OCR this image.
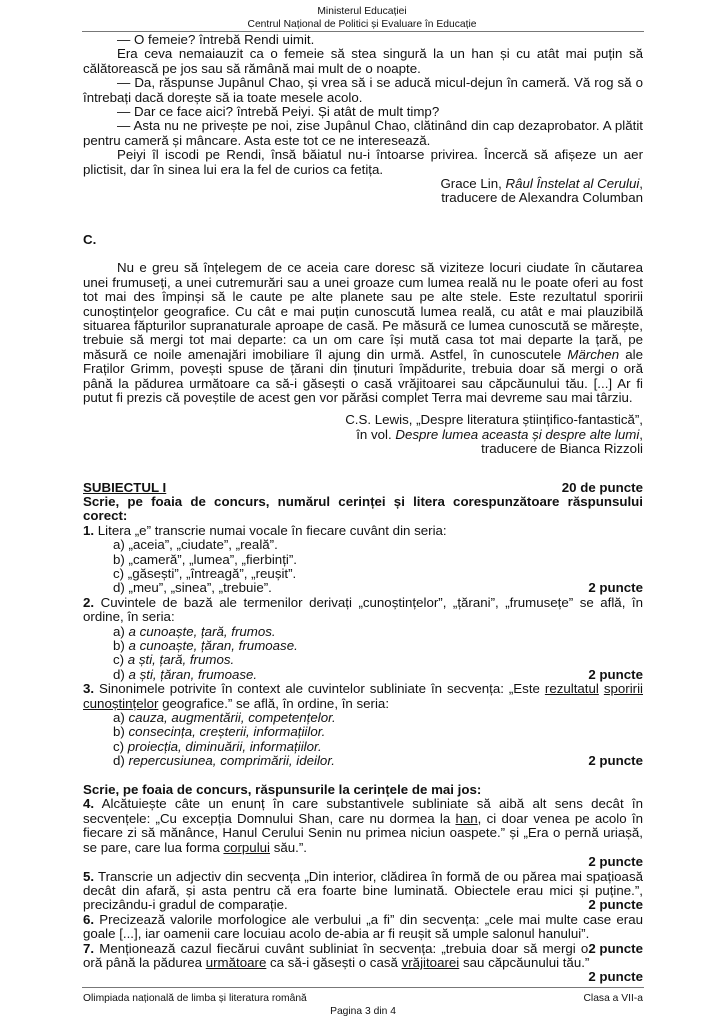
Ministerul Educației
Centrul Național de Politici și Evaluare în Educație

— O femeie? întrebă Rendi uimit.

Era ceva nemaiauzit ca o femeie să stea singură la un han și cu atât mai puțin să călătorească pe jos sau să rămână mai mult de o noapte.

— Da, răspunse Jupânul Chao, și vrea să i se aducă micul-dejun în cameră. Vă rog să o întrebați dacă dorește să ia toate mesele acolo.

— Dar ce face aici? întrebă Peiyi. Și atât de mult timp?

— Asta nu ne privește pe noi, zise Jupânul Chao, clătinând din cap dezaprobator. A plătit pentru cameră și mâncare. Asta este tot ce ne interesează.

Peiyi îl iscodi pe Rendi, însă băiatul nu-i întoarse privirea. Încercă să afișeze un aer plictisit, dar în sinea lui era la fel de curios ca fetița.

Grace Lin, Râul Înstelat al Cerului,

traducere de Alexandra Columban

C.

Nu e greu să înțelegem de ce aceia care doresc să viziteze locuri ciudate în căutarea unei frumuseți, a unei cutremurări sau a unei groaze cum lumea reală nu le poate oferi au fost tot mai des împinși să le caute pe alte planete sau pe alte stele. Este rezultatul sporirii cunoștințelor geografice. Cu cât e mai puțin cunoscută lumea reală, cu atât e mai plauzibilă situarea făpturilor supranaturale aproape de casă. Pe măsură ce lumea cunoscută se mărește, trebuie să mergi tot mai departe: ca un om care își mută casa tot mai departe la țară, pe măsură ce noile amenajări imobiliare îl ajung din urmă. Astfel, în cunoscutele Märchen ale Fraților Grimm, povești spuse de țărani din ținuturi împădurite, trebuia doar să mergi o oră până la pădurea următoare ca să-i găsești o casă vrăjitoarei sau căpcăunului tău. [...] Ar fi putut fi prezis că poveștile de acest gen vor părăsi complet Terra mai devreme sau mai târziu.

C.S. Lewis, „Despre literatura științifico-fantastică”,

în vol. Despre lumea aceasta și despre alte lumi,

traducere de Bianca Rizzoli

SUBIECTUL I	20 de puncte

Scrie, pe foaia de concurs, numărul cerinței și litera corespunzătoare răspunsului corect:

1. Litera „e” transcrie numai vocale în fiecare cuvânt din seria:

a) „aceia”, „ciudate”, „reală”.

b) „cameră”, „lumea”, „fierbinți”.

c) „găsești”, „întreagă”, „reușit”.

d) „meu”, „sinea”, „trebuie”.	2 puncte

2. Cuvintele de bază ale termenilor derivați „cunoștințelor”, „țărani”, „frumusețe” se află, în ordine, în seria:

a) a cunoaște, țară, frumos.

b) a cunoaște, țăran, frumoase.

c) a ști, țară, frumos.

d) a ști, țăran, frumoase.	2 puncte

3. Sinonimele potrivite în context ale cuvintelor subliniate în secvența: „Este rezultatul sporirii cunoștințelor geografice.” se află, în ordine, în seria:

a) cauza, augmentării, competențelor.

b) consecința, creșterii, informațiilor.

c) proiecția, diminuării, informațiilor.

d) repercusiunea, comprimării, ideilor.	2 puncte

Scrie, pe foaia de concurs, răspunsurile la cerințele de mai jos:

4. Alcătuiește câte un enunț în care substantivele subliniate să aibă alt sens decât în secvențele: „Cu excepția Domnului Shan, care nu dormea la han, ci doar venea pe acolo în fiecare zi să mănânce, Hanul Cerului Senin nu primea niciun oaspete.” și „Era o pernă uriașă, se pare, care lua forma corpului său.”.

2 puncte

5. Transcrie un adjectiv din secvența „Din interior, clădirea în formă de ou părea mai spațioasă decât din afară, și asta pentru că era foarte bine luminată. Obiectele erau mici și puține.”, precizându-i gradul de comparație.	2 puncte

6. Precizează valorile morfologice ale verbului „a fi” din secvența: „cele mai multe case erau goale [...], iar oamenii care locuiau acolo de-abia ar fi reușit să umple salonul hanului”.
2 puncte

7. Menționează cazul fiecărui cuvânt subliniat în secvența: „trebuia doar să mergi o oră până la pădurea următoare ca să-i găsești o casă vrăjitoarei sau căpcăunului tău.”
2 puncte

Olimpiada națională de limba și literatura română	Clasa a VII-a
Pagina 3 din 4
